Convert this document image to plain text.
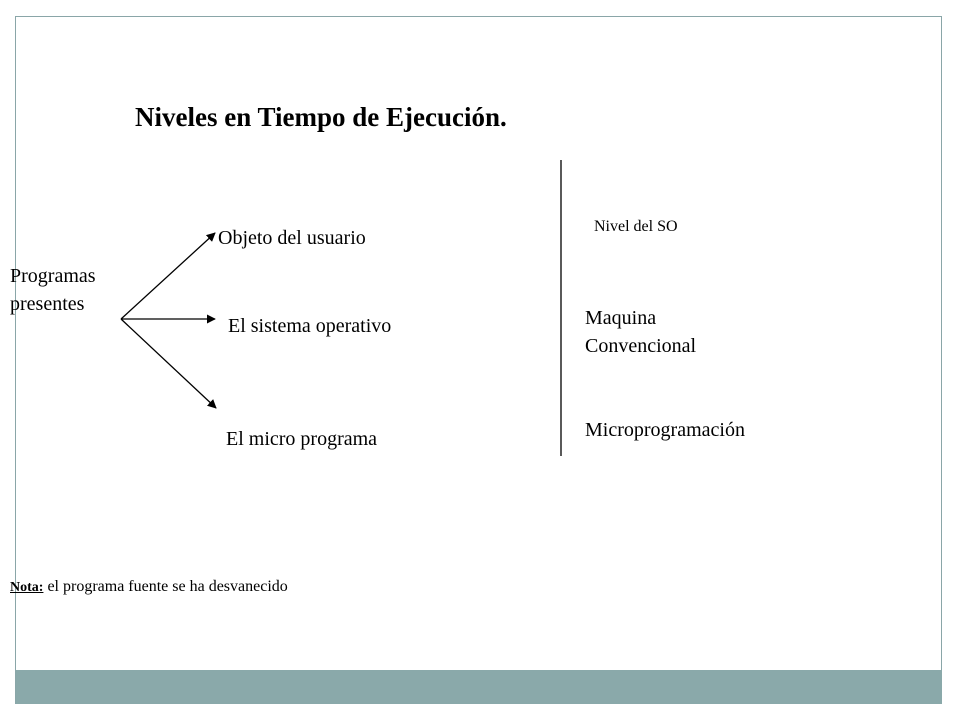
Niveles en Tiempo de Ejecución.
Programas
presentes
Objeto del usuario
El sistema operativo
El micro programa
Nivel del SO
Maquina
Convencional
Microprogramación
Nota: el programa fuente se ha desvanecido
